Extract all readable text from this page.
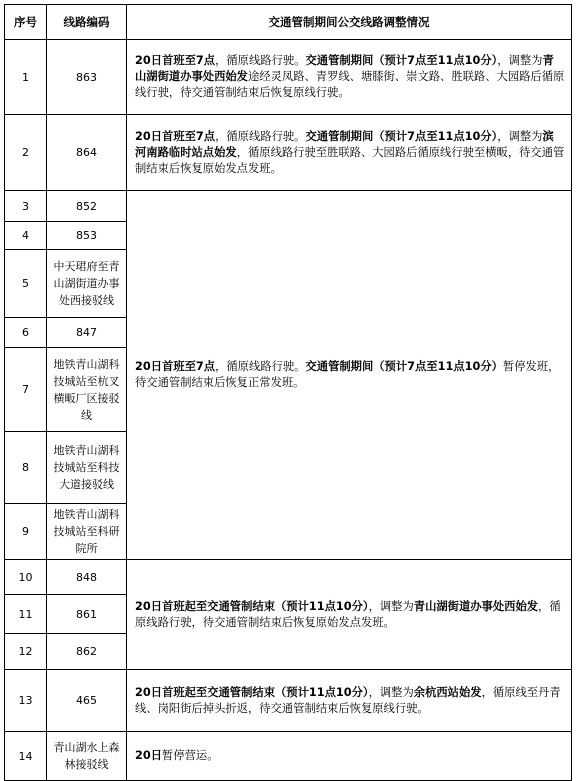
序号	线路编码	交通管制期间公交线路调整情况
1	863	20日首班至7点，循原线路行驶。交通管制期间（预计7点至11点10分），调整为青山湖街道办事处西始发途经灵凤路、青罗线、塘膝街、崇文路、胜联路、大园路后循原线行驶，待交通管制结束后恢复原线行驶。
2	864	20日首班至7点，循原线路行驶。交通管制期间（预计7点至11点10分），调整为滨河南路临时站点始发，循原线路行驶至胜联路、大园路后循原线行驶至横畈，待交通管制结束后恢复原始发点发班。
3	852	20日首班至7点，循原线路行驶。交通管制期间（预计7点至11点10分）暂停发班，待交通管制结束后恢复正常发班。
4	853	
5	中天珺府至青山湖街道办事处西接驳线	
6	847	
7	地铁青山湖科技城站至杭叉横畈厂区接驳线	
8	地铁青山湖科技城站至科技大道接驳线	
9	地铁青山湖科技城站至科研院所	
10	848	20日首班起至交通管制结束（预计11点10分），调整为青山湖街道办事处西始发，循原线路行驶，待交通管制结束后恢复原始发点发班。
11	861	
12	862	
13	465	20日首班起至交通管制结束（预计11点10分），调整为余杭西站始发，循原线至丹青线、岗阳街后掉头折返，待交通管制结束后恢复原线行驶。
14	青山湖水上森林接驳线	20日暂停营运。
